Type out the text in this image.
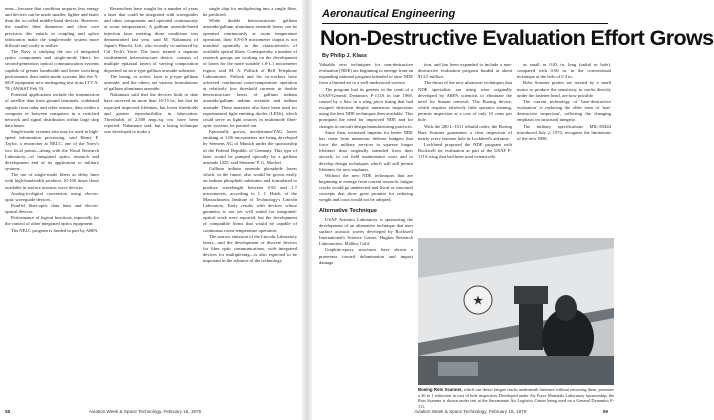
tems—because that condition requires less energy and devices can be made smaller, lighter and faster than the so-called middle-band devices. However, the smaller fiber diameters and close core precision this entails in coupling and splice fabrication make the single-mode system more difficult and costly to realize.

The Navy is studying the use of integrated optics components and single-mode fibers for second-generation optical communication systems capable of greater bandwidth and better switching performance than multi-mode systems like the A-6E/F equipment now undergoing test in an LTV A-7E (AW&ST Feb. 9).

Potential applications include the transmission of satellite data from ground terminals, wideband signals from radar and other sensors, data within a computer or between computers in a switched network and signal distribution within large ship data buses.

Single-mode systems also may be used in high-speed information processing, said Henry F. Taylor, a researcher at NELC, one of the Navy's two focal points—along with the Naval Research Laboratory—of integrated optics research and development and of its application to military systems.

The use of single-mode fibers as delay lines with high-bandwidth products 10-100 times those available in surface acoustic wave devices.

Analog-to-digital conversion using electro-optic waveguide devices.

Parallel fiber-optic data lines and electro-optical devices.

Performance of logical functions, especially for the control of other integrated optics equipment.

The NELC program is funded in part by ARPA.

Researchers have sought for a number of years a laser that could be integrated with waveguides and other components and operated continuously at room temperatures. A gallium arsenide-based injection laser meeting those conditions was demonstrated last year, said M. Nakamura of Japan's Hitachi, Ltd., who recently co-authored by Cal Tech's Yariv. The laser, termed a separate confinement heterostructure device, consists of multiple epitaxial layers of varying composition deposited on an n-type gallium arsenide substrate.

The lasing, or active, layer is p-type gallium arsenide, and the others are various formulations of gallium aluminum arsenide.

Nakamura said that the devices built to date have survived no more than 10-15 hr., but that he expected improved lifetimes, but lower thresholds and greater reproducibility in fabrication. Thresholds of 2,500 amp./sq. cm. have been reported. Nakamura said, but a lasing technique was developed to make a

single chip for multiplexing into a single fiber, he predicted.

While double heterostructure gallium arsenide/gallium aluminum arsenide lasers can be operated continuously at room temperature operation, their 0.8-0.9 micrometer output is not matched optimally to the characteristics of available optical fibers. Consequently, a number of research groups are working on the development of lasers for the more suitable 1.0-1.1 micrometer region, said M. A. Pollack of Bell Telephone Laboratories. Pollack and his co-workers have achieved continuous room-temperature operation at relatively low threshold currents in double heterostructure lasers of gallium indium arsenide/gallium indium arsenide and indium arsenide. These materials also have been used for experimental light-emitting diodes (LEDs), which could serve as light sources in multimode fiber-optic systems, he pointed out.

Epitaxially grown, neodymium/YAG lasers emitting at 1.06 micrometers are being developed by Siemens AG of Munich under the sponsorship of the Federal Republic of Germany. This type of laser would be pumped optically by a gallium arsenide LED, said Siemens' P. G. Mockel.

Gallium indium arsenide phosphide lasers which, in the future, also would be grown easily on indium phosphide substrates and formulated to produce wavelength between 0.92 and 1.7 micrometers, according to J. J. Hsieh, of the Massachusetts Institute of Technology's Lincoln Laboratory. Early results with devices whose geometry is not yet well suited for integrated-optical work were reported, but the development of compatible forms that would be capable of continuous room-temperature operation.

The narrow emission of the Lincoln Laboratory lasers—and the development of discrete devices for fiber optic communications, with integrated devices for multiplexing—is also expected to be important in the advance of the technology.

58	Aviation Week & Space Technology, February 16, 1976
Aeronautical Engineering
Non-Destructive Evaluation Effort Grows
By Philip J. Klass

Valuable new techniques for non-destructive evaluation (NDE) are beginning to emerge from an expanding national program intended to raise NDE from a limited art to a well-understood science.

The program had its genesis in the crash of a USAF/General Dynamics F-111A in late 1969, caused by a flaw in a wing pivot fitting that had escaped detection despite numerous inspections using the best NDE techniques then available. This prompted the need for improved NDE and for changes in aircraft design/manufacturing practices.

Since then, increased impetus for better NDE has come from numerous defense budgets that force the military services to squeeze longer lifetimes than originally intended from their aircraft, to cut field maintenance costs and to develop design techniques which will still permit lifetimes for new airplanes.

Without the new NDE techniques that are beginning to emerge from current research, fatigue cracks would go undetected and fiscal or structural concepts that show great promise for reducing weight and costs would not be adopted.

Alternative Technique

USAF Avionics Laboratory is sponsoring the development of an alternative technique that uses surface acoustic waves developed by Rockwell International's Science Center, Hughes Research Laboratories, Malibu, Calif.

Graphite-epoxy structures have shown a proneness toward delamination and impact damage.

tion, and has been expanded to include a non-destructive evaluation program funded at about $13.5 million.

The thrust of the new ultrasonic techniques that NDE specialists are using were originally developed by ARPA scientists to eliminate the need for human removal. The Boeing device, which requires relatively little operator training, permits inspection at a cost of only 10 cents per hole.

With the 200 L-1011 rebuild order, the Boeing Rare Scanner guarantees a clear inspection of nearly every fastener hole in Lockheed's airframe.

Lockheed proposed the NDE program with Rockwell for evaluation as part of the USAF F-111A wing that had been used extensively.

as small as 0.03 in. long (radial in hole), compared with 0.06 in. in the conventional technique at the hole of 0.3 in.

Rohr Scanner probes are rotated by a small motor to produce the sensitivity to cracks directly under the fastener head, are now possible.

The current technology of 'bare-destructive evaluation' is replacing the older term of 'non-destructive inspection', reflecting the changing emphasis on structural integrity.

The military specifications MIL-83444 introduced July 2, 1974, recognize the limitations of the new NDE.

★
Boeing Rots Scanner, which can detect fatigue cracks underneath fasteners without removing them, promises a 20 to 1 reduction in cost of hole inspection. Developed under Air Force Materials Laboratory sponsorship, the Rots Scanner is shown under test at the Sacramento Air Logistics Center being used on a General Dynamics F-111.
Aviation Week & Space Technology, February 16, 1976	59
